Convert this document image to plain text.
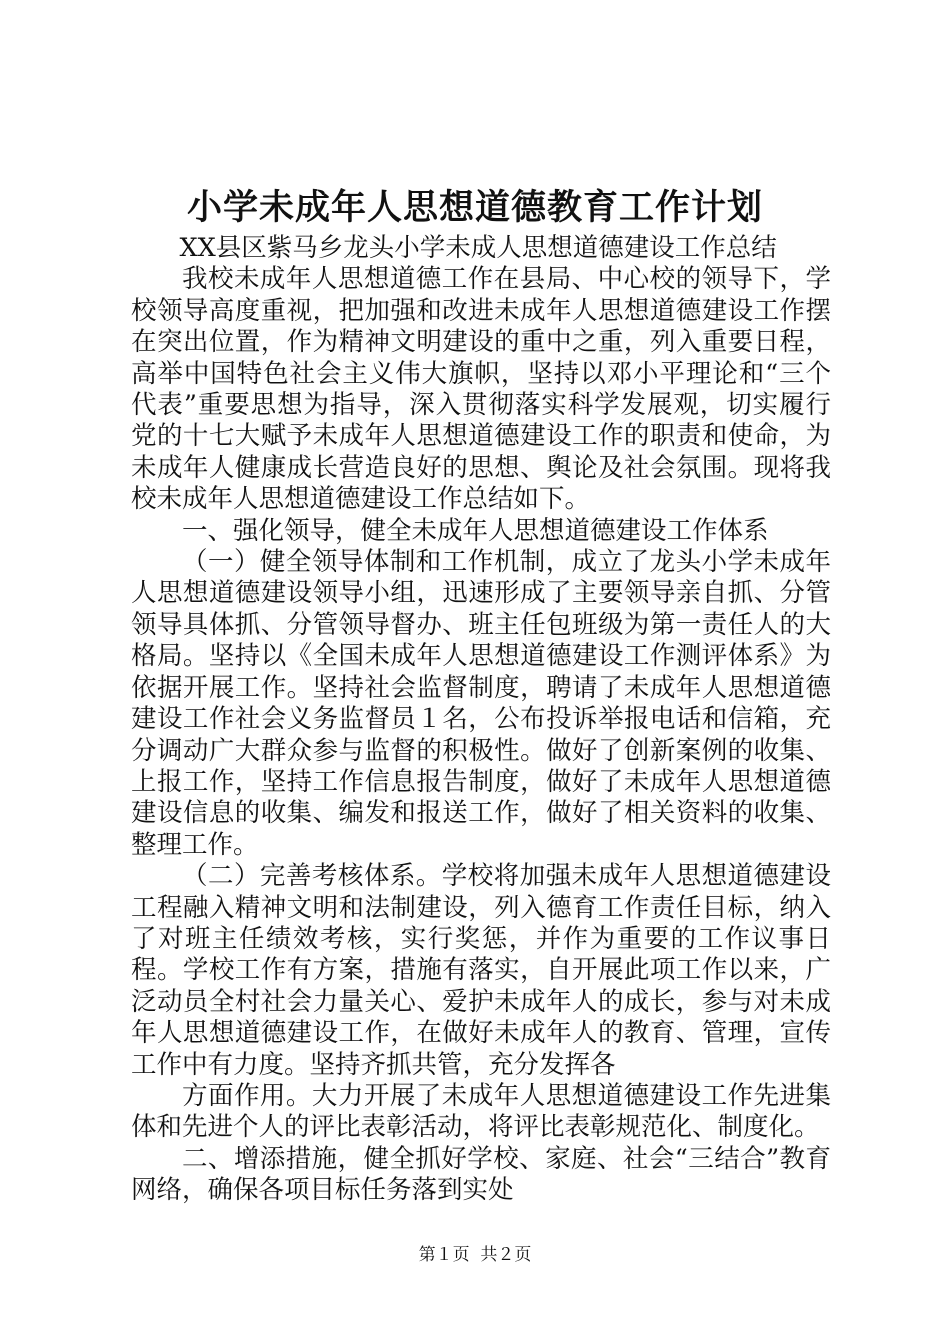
小学未成年人思想道德教育工作计划

XX县区紫马乡龙头小学未成人思想道德建设工作总结

我校未成年人思想道德工作在县局、中心校的领导下，学校领导高度重视，把加强和改进未成年人思想道德建设工作摆在突出位置，作为精神文明建设的重中之重，列入重要日程，高举中国特色社会主义伟大旗帜，坚持以邓小平理论和“三个代表”重要思想为指导，深入贯彻落实科学发展观，切实履行党的十七大赋予未成年人思想道德建设工作的职责和使命，为未成年人健康成长营造良好的思想、舆论及社会氛围。现将我校未成年人思想道德建设工作总结如下。

一、强化领导，健全未成年人思想道德建设工作体系

（一）健全领导体制和工作机制，成立了龙头小学未成年人思想道德建设领导小组，迅速形成了主要领导亲自抓、分管领导具体抓、分管领导督办、班主任包班级为第一责任人的大格局。坚持以《全国未成年人思想道德建设工作测评体系》为依据开展工作。坚持社会监督制度，聘请了未成年人思想道德建设工作社会义务监督员１名，公布投诉举报电话和信箱，充分调动广大群众参与监督的积极性。做好了创新案例的收集、上报工作，坚持工作信息报告制度，做好了未成年人思想道德建设信息的收集、编发和报送工作，做好了相关资料的收集、整理工作。

（二）完善考核体系。学校将加强未成年人思想道德建设工程融入精神文明和法制建设，列入德育工作责任目标，纳入了对班主任绩效考核，实行奖惩，并作为重要的工作议事日程。学校工作有方案，措施有落实，自开展此项工作以来，广泛动员全村社会力量关心、爱护未成年人的成长，参与对未成年人思想道德建设工作，在做好未成年人的教育、管理，宣传工作中有力度。坚持齐抓共管，充分发挥各

方面作用。大力开展了未成年人思想道德建设工作先进集体和先进个人的评比表彰活动，将评比表彰规范化、制度化。

二、增添措施，健全抓好学校、家庭、社会“三结合”教育网络，确保各项目标任务落到实处

第１页  共２页
